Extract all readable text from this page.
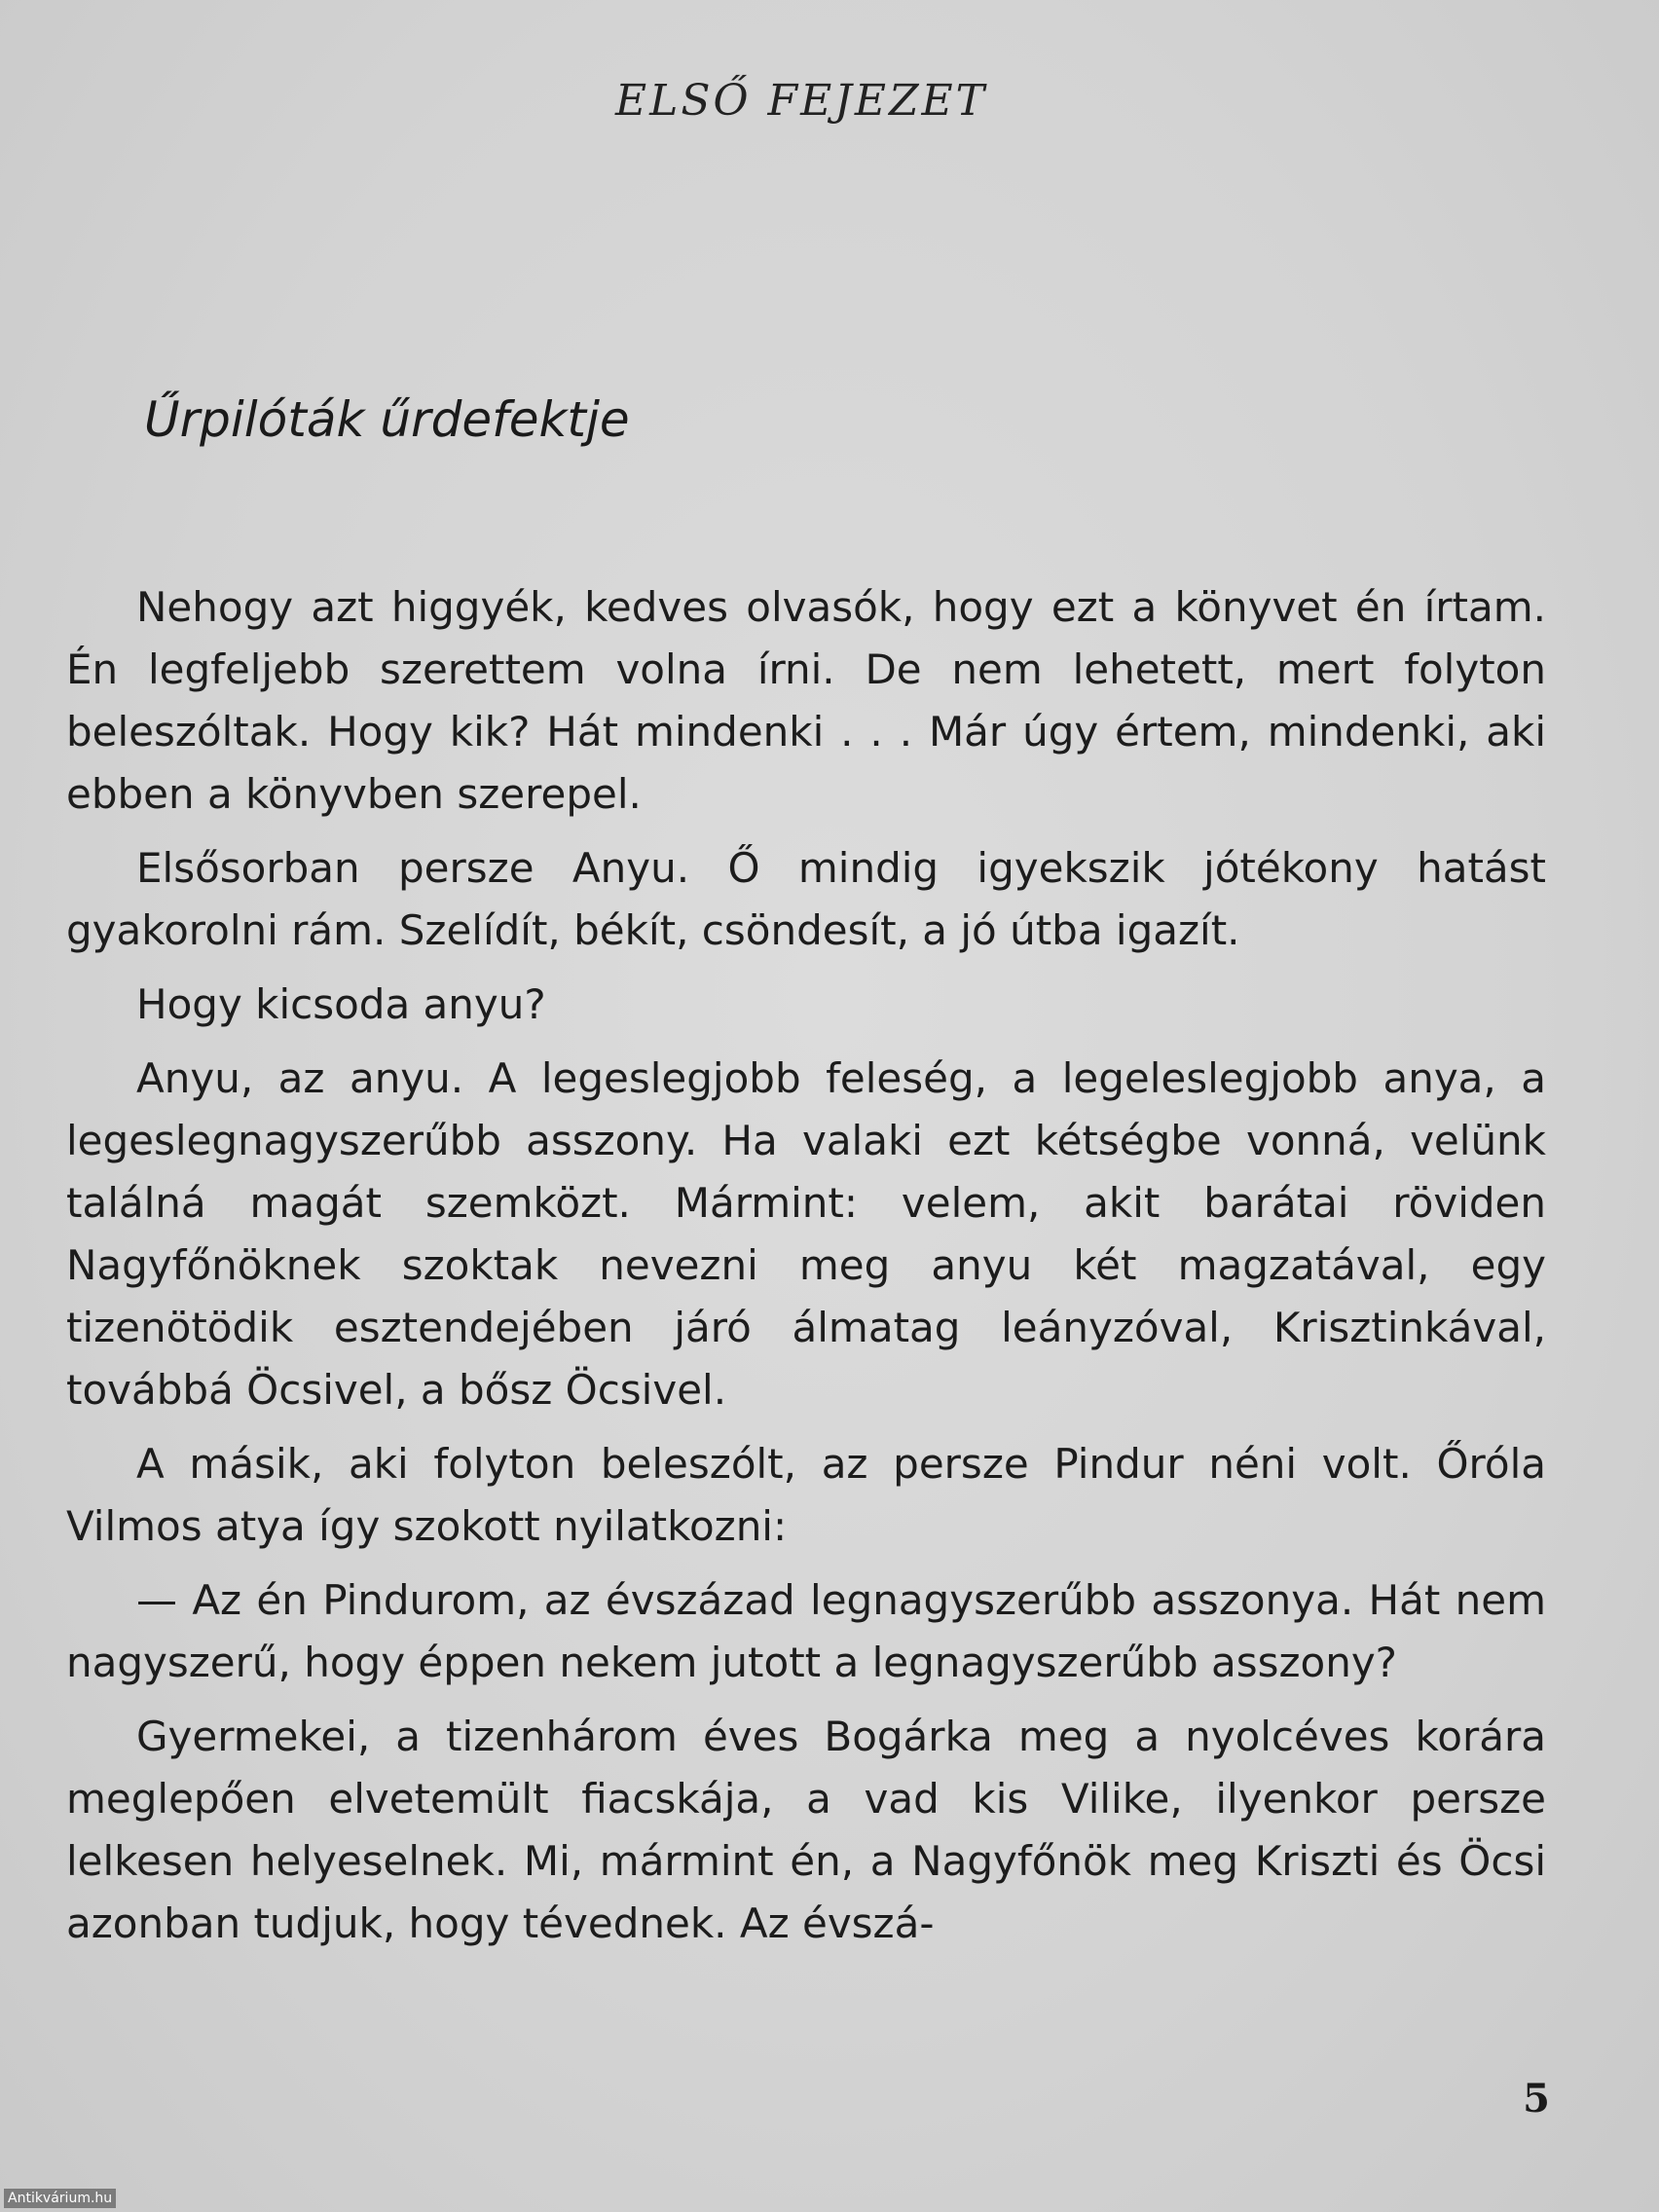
ELSŐ FEJEZET
Űrpilóták űrdefektje

Nehogy azt higgyék, kedves olvasók, hogy ezt a könyvet én írtam. Én legfeljebb szerettem volna írni. De nem lehetett, mert folyton beleszóltak. Hogy kik? Hát mindenki . . . Már úgy értem, mindenki, aki ebben a könyvben szerepel.

Elsősorban persze Anyu. Ő mindig igyekszik jótékony hatást gyakorolni rám. Szelídít, békít, csöndesít, a jó útba igazít.

Hogy kicsoda anyu?

Anyu, az anyu. A legeslegjobb feleség, a legeleslegjobb anya, a legeslegnagyszerűbb asszony. Ha valaki ezt kétségbe vonná, velünk találná magát szemközt. Mármint: velem, akit barátai röviden Nagyfőnöknek szoktak nevezni meg anyu két magzatával, egy tizenötödik esztendejében járó álmatag leányzóval, Krisztinkával, továbbá Öcsivel, a bősz Öcsivel.

A másik, aki folyton beleszólt, az persze Pindur néni volt. Őróla Vilmos atya így szokott nyilatkozni:

— Az én Pindurom, az évszázad legnagyszerűbb asszonya. Hát nem nagyszerű, hogy éppen nekem jutott a legnagyszerűbb asszony?

Gyermekei, a tizenhárom éves Bogárka meg a nyolcéves korára meglepően elvetemült fiacskája, a vad kis Vilike, ilyenkor persze lelkesen helyeselnek. Mi, mármint én, a Nagyfőnök meg Kriszti és Öcsi azonban tudjuk, hogy tévednek. Az évszá-

5
Antikvárium.hu
